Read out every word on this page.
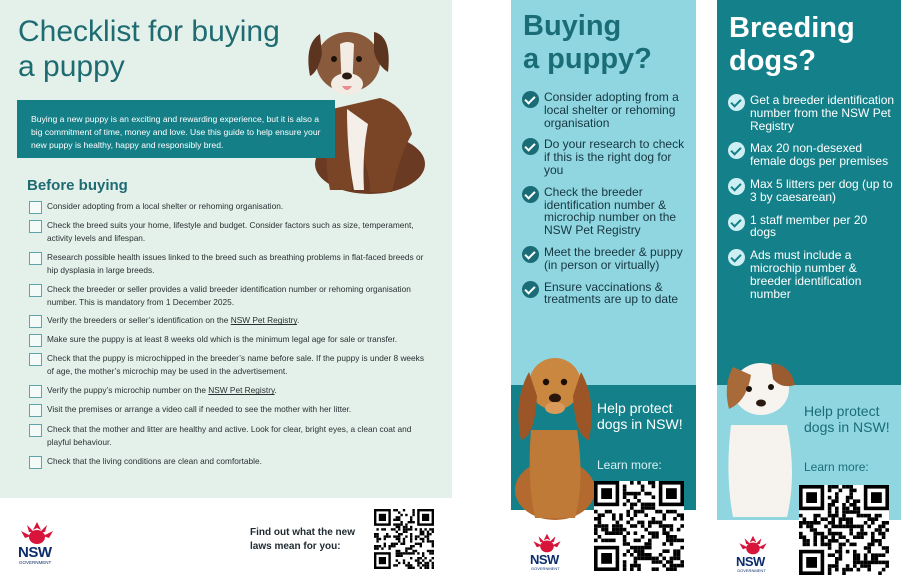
Checklist for buying a puppy
Buying a new puppy is an exciting and rewarding experience, but it is also a big commitment of time, money and love. Use this guide to help ensure your new puppy is healthy, happy and responsibly bred.
Before buying
Consider adopting from a local shelter or rehoming organisation.
Check the breed suits your home, lifestyle and budget. Consider factors such as size, temperament, activity levels and lifespan.
Research possible health issues linked to the breed such as breathing problems in flat-faced breeds or hip dysplasia in large breeds.
Check the breeder or seller provides a valid breeder identification number or rehoming organisation number. This is mandatory from 1 December 2025.
Verify the breeders or seller’s identification on the NSW Pet Registry.
Make sure the puppy is at least 8 weeks old which is the minimum legal age for sale or transfer.
Check that the puppy is microchipped in the breeder’s name before sale. If the puppy is under 8 weeks of age, the mother’s microchip may be used in the advertisement.
Verify the puppy’s microchip number on the NSW Pet Registry.
Visit the premises or arrange a video call if needed to see the mother with her litter.
Check that the mother and litter are healthy and active. Look for clear, bright eyes, a clean coat and playful behaviour.
Check that the living conditions are clean and comfortable.
NSW
GOVERNMENT
Find out what the new laws mean for you:
Buying
a puppy?
Consider adopting from a local shelter or rehoming organisation
Do your research to check if this is the right dog for you
Check the breeder identification number & microchip number on the NSW Pet Registry
Meet the breeder & puppy (in person or virtually)
Ensure vaccinations & treatments are up to date
Help protect dogs in NSW!
Learn more:
NSW
GOVERNMENT
Breeding
dogs?
Get a breeder identification number from the NSW Pet Registry
Max 20 non-desexed female dogs per premises
Max 5 litters per dog (up to 3 by caesarean)
1 staff member per 20 dogs
Ads must include a microchip number & breeder identification number
Help protect dogs in NSW!
Learn more:
NSW
GOVERNMENT
